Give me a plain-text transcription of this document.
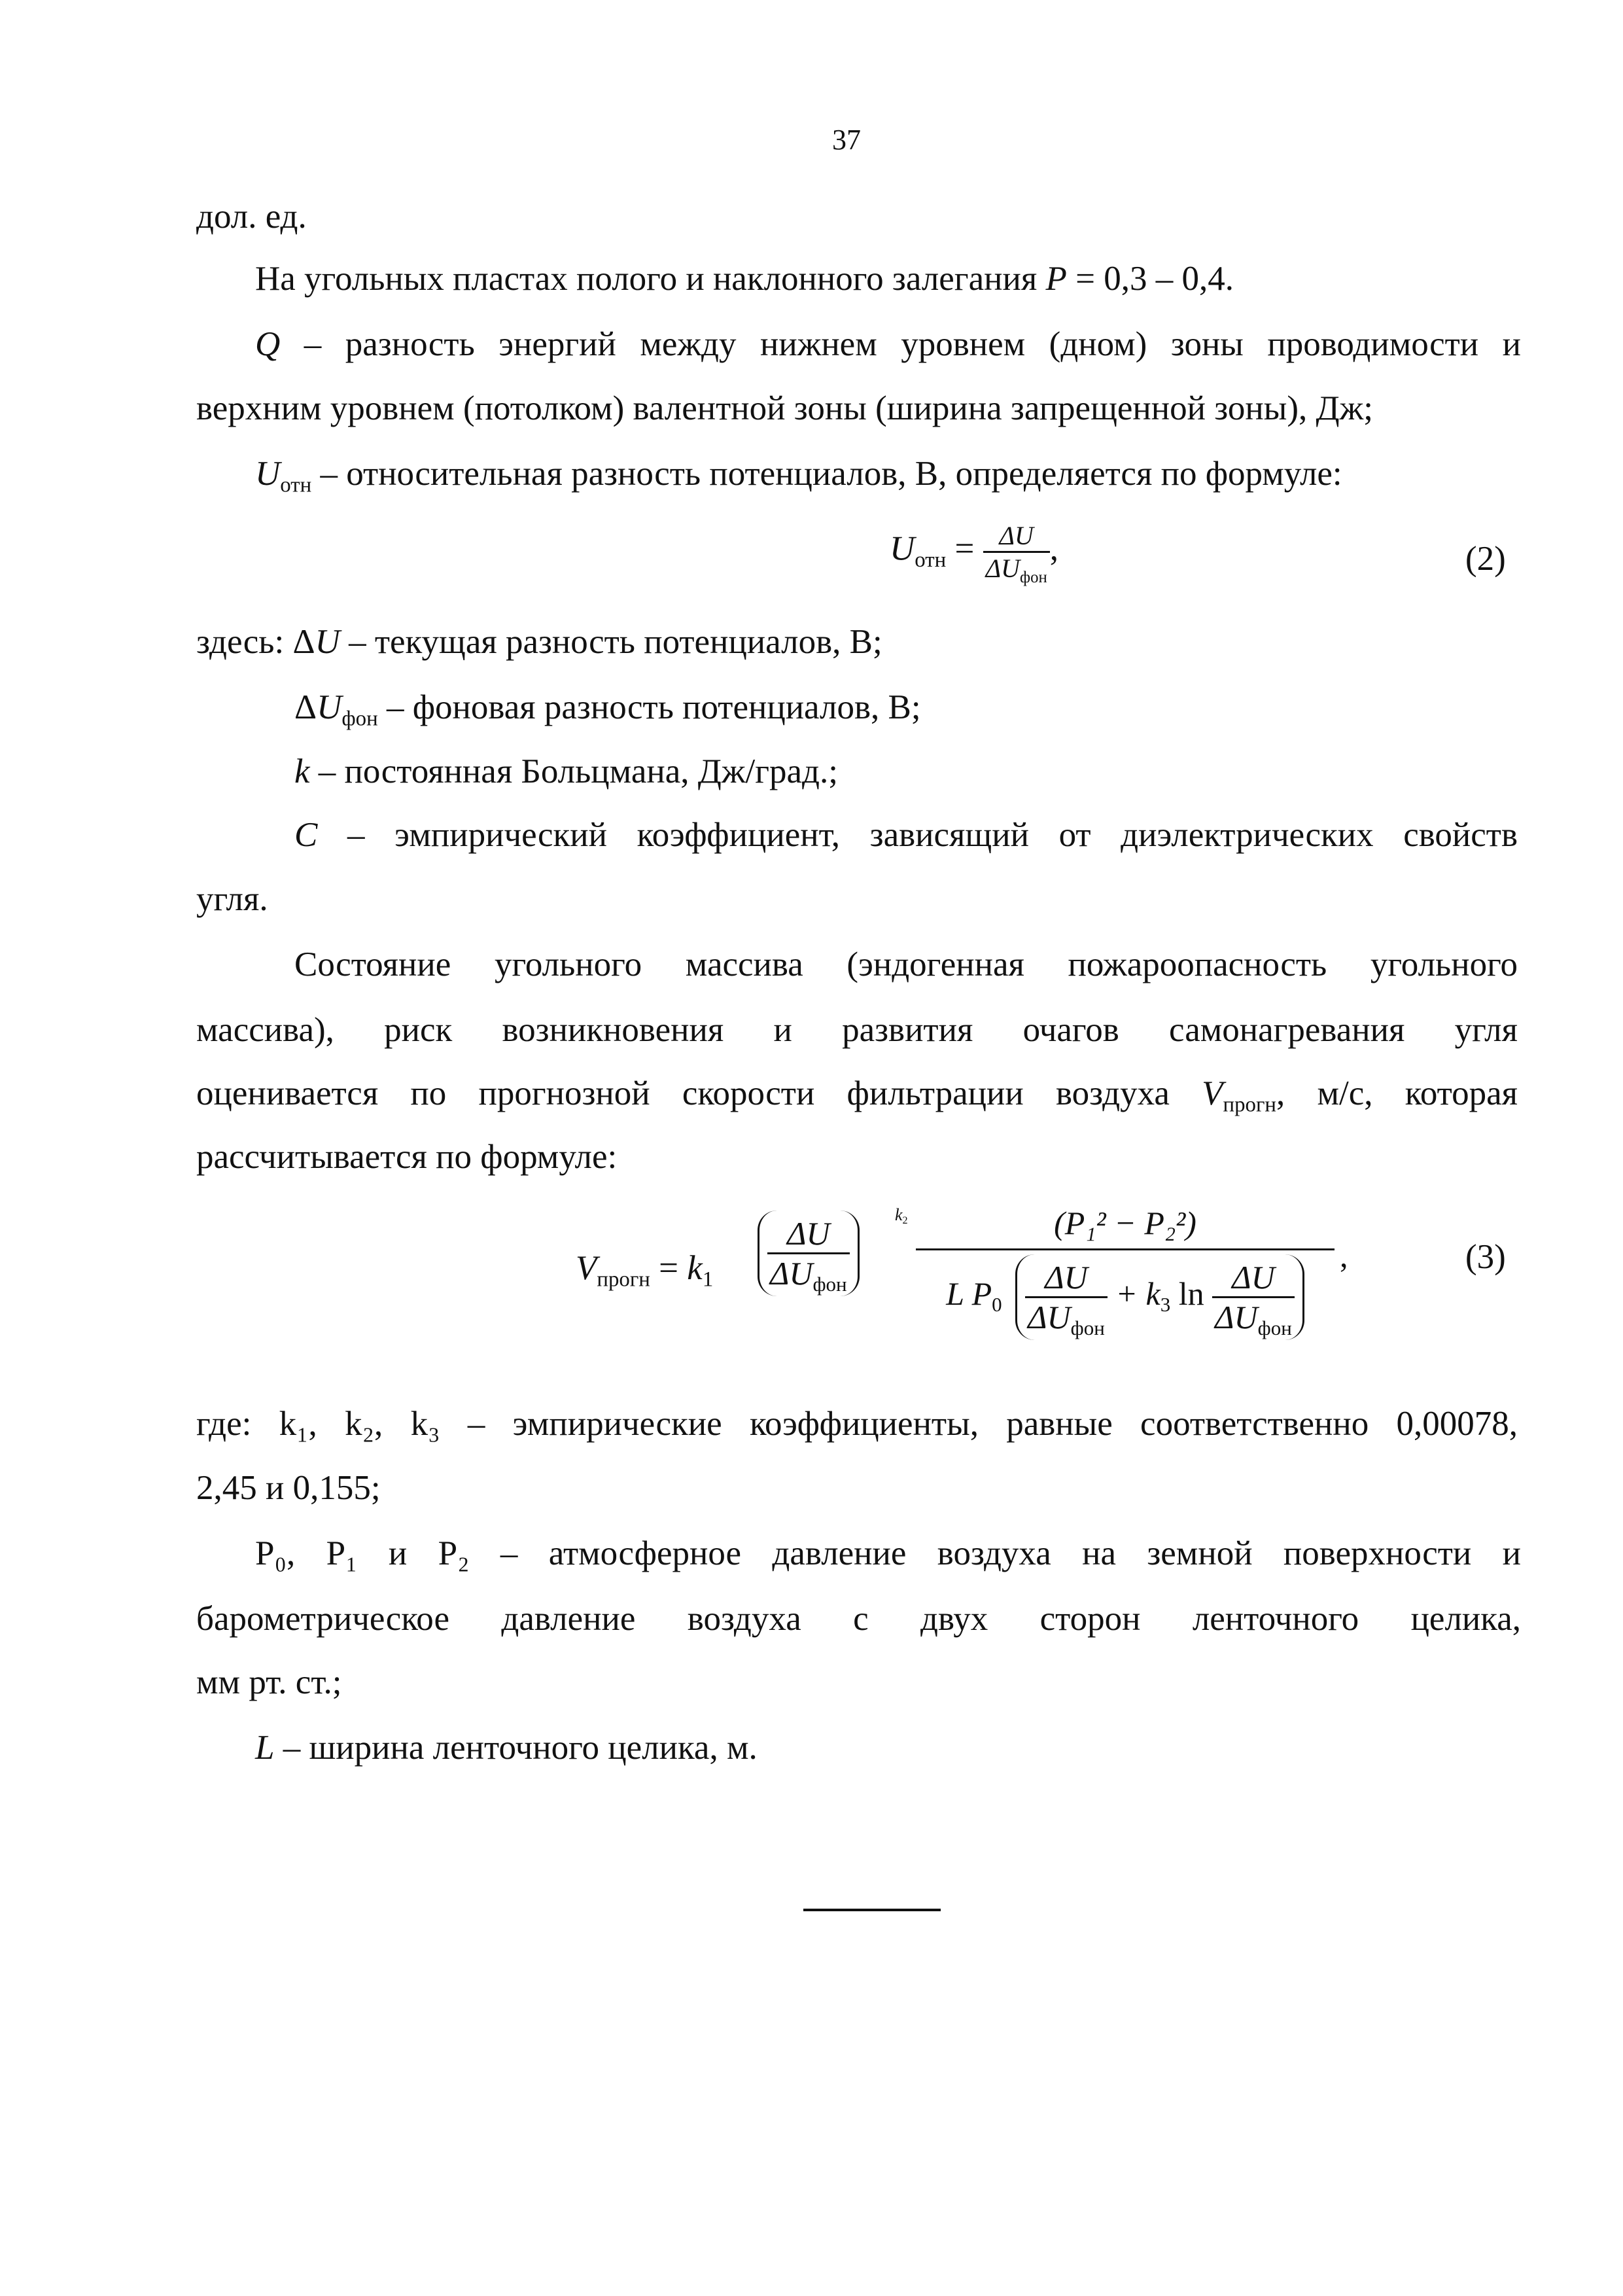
37
дол. ед.
На угольных пластах полого и наклонного залегания P = 0,3 – 0,4.
Q – разность энергий между нижнем уровнем (дном) зоны проводимости и
верхним уровнем (потолком) валентной зоны (ширина запрещенной зоны), Дж;
$U_{отн}$ – относительная разность потенциалов, В, определяется по формуле:
$U_{отн} = \frac{\Delta U}{\Delta U_{фон}}$ ,	(2)
здесь: ΔU – текущая разность потенциалов, В;
$\Delta U_{фон}$ – фоновая разность потенциалов, В;
k – постоянная Больцмана, Дж/град.;
C – эмпирический коэффициент, зависящий от диэлектрических свойств
угля.
Состояние угольного массива (эндогенная пожароопасность угольного
массива), риск возникновения и развития очагов самонагревания угля
оценивается по прогнозной скорости фильтрации воздуха $V_{прогн}$, м/с, которая
рассчитывается по формуле:
$V_{прогн} = k_1 \frac{\Delta U}{\Delta U_{фон}}$	$k_2$	(P₁² − P₂²)
L $P_0 \frac{\Delta U}{\Delta U_{фон}} + k_3$ $\ln \frac{\Delta U}{\Delta U_{фон}}$
,	(3)
где: k₁, k₂, k₃ – эмпирические коэффициенты, равные соответственно 0,00078,
2,45 и 0,155;
P₀, P₁ и P₂ – атмосферное давление воздуха на земной поверхности и
барометрическое давление воздуха с двух сторон ленточного целика,
мм рт. ст.;
L – ширина ленточного целика, м.
